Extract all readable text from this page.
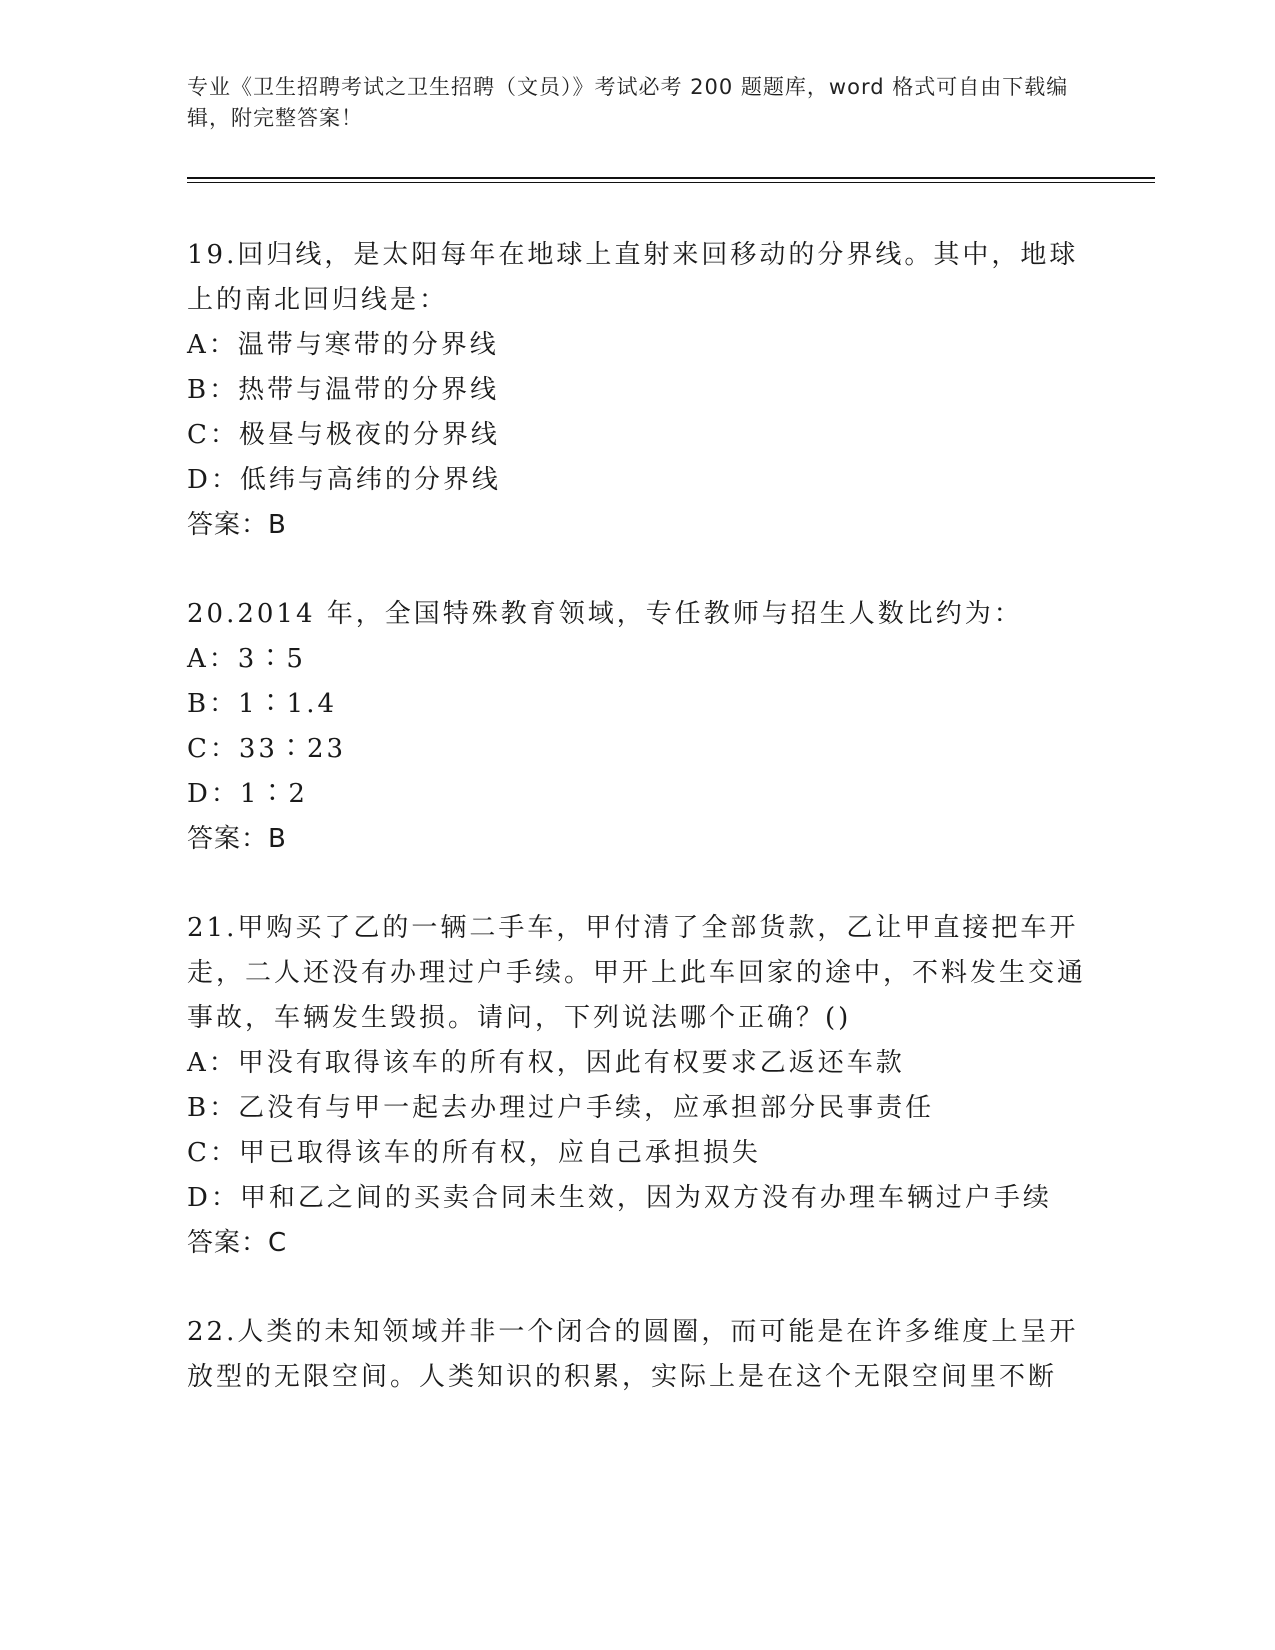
专业《卫生招聘考试之卫生招聘（文员）》考试必考 200 题题库，word 格式可自由下载编辑，附完整答案！

19.回归线，是太阳每年在地球上直射来回移动的分界线。其中，地球上的南北回归线是：

A：温带与寒带的分界线

B：热带与温带的分界线

C：极昼与极夜的分界线

D：低纬与高纬的分界线

答案：B

20.2014 年，全国特殊教育领域，专任教师与招生人数比约为：

A：3∶5

B：1∶1.4

C：33∶23

D：1∶2

答案：B

21.甲购买了乙的一辆二手车，甲付清了全部货款，乙让甲直接把车开走，二人还没有办理过户手续。甲开上此车回家的途中，不料发生交通事故，车辆发生毁损。请问，下列说法哪个正确？()

A：甲没有取得该车的所有权，因此有权要求乙返还车款

B：乙没有与甲一起去办理过户手续，应承担部分民事责任

C：甲已取得该车的所有权，应自己承担损失

D：甲和乙之间的买卖合同未生效，因为双方没有办理车辆过户手续

答案：C

22.人类的未知领域并非一个闭合的圆圈，而可能是在许多维度上呈开放型的无限空间。人类知识的积累，实际上是在这个无限空间里不断
